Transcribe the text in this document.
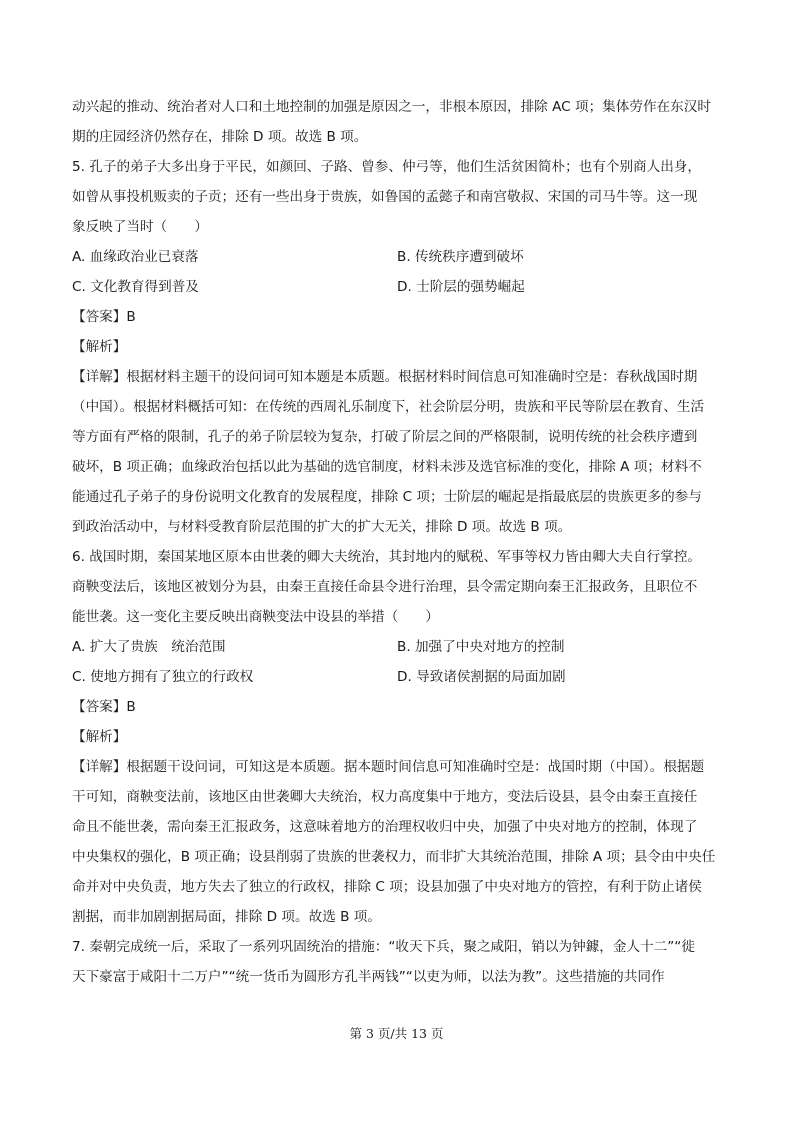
动兴起的推动、统治者对人口和土地控制的加强是原因之一，非根本原因，排除 AC 项；集体劳作在东汉时
期的庄园经济仍然存在，排除 D 项。故选 B 项。
5. 孔子的弟子大多出身于平民，如颜回、子路、曾参、仲弓等，他们生活贫困简朴；也有个别商人出身，
如曾从事投机贩卖的子贡；还有一些出身于贵族，如鲁国的孟懿子和南宫敬叔、宋国的司马牛等。这一现
象反映了当时（　　）
A. 血缘政治业已衰落	B. 传统秩序遭到破坏
C. 文化教育得到普及	D. 士阶层的强势崛起
【答案】B
【解析】
【详解】根据材料主题干的设问词可知本题是本质题。根据材料时间信息可知准确时空是：春秋战国时期
（中国）。根据材料概括可知：在传统的西周礼乐制度下，社会阶层分明，贵族和平民等阶层在教育、生活
等方面有严格的限制，孔子的弟子阶层较为复杂，打破了阶层之间的严格限制，说明传统的社会秩序遭到
破坏，B 项正确；血缘政治包括以此为基础的选官制度，材料未涉及选官标准的变化，排除 A 项；材料不
能通过孔子弟子的身份说明文化教育的发展程度，排除 C 项；士阶层的崛起是指最底层的贵族更多的参与
到政治活动中，与材料受教育阶层范围的扩大的扩大无关，排除 D 项。故选 B 项。
6. 战国时期，秦国某地区原本由世袭的卿大夫统治，其封地内的赋税、军事等权力皆由卿大夫自行掌控。
商鞅变法后，该地区被划分为县，由秦王直接任命县令进行治理，县令需定期向秦王汇报政务，且职位不
能世袭。这一变化主要反映出商鞅变法中设县的举措（　　）
A. 扩大了贵族　统治范围	B. 加强了中央对地方的控制
C. 使地方拥有了独立的行政权	D. 导致诸侯割据的局面加剧
【答案】B
【解析】
【详解】根据题干设问词，可知这是本质题。据本题时间信息可知准确时空是：战国时期（中国）。根据题
干可知，商鞅变法前，该地区由世袭卿大夫统治，权力高度集中于地方，变法后设县，县令由秦王直接任
命且不能世袭，需向秦王汇报政务，这意味着地方的治理权收归中央，加强了中央对地方的控制，体现了
中央集权的强化，B 项正确；设县削弱了贵族的世袭权力，而非扩大其统治范围，排除 A 项；县令由中央任
命并对中央负责，地方失去了独立的行政权，排除 C 项；设县加强了中央对地方的管控，有利于防止诸侯
割据，而非加剧割据局面，排除 D 项。故选 B 项。
7. 秦朝完成统一后，采取了一系列巩固统治的措施：“收天下兵，聚之咸阳，销以为钟鐻，金人十二”“徙
天下豪富于咸阳十二万户”“统一货币为圆形方孔半两钱”“以吏为师，以法为教”。这些措施的共同作
第 3 页/共 13 页
